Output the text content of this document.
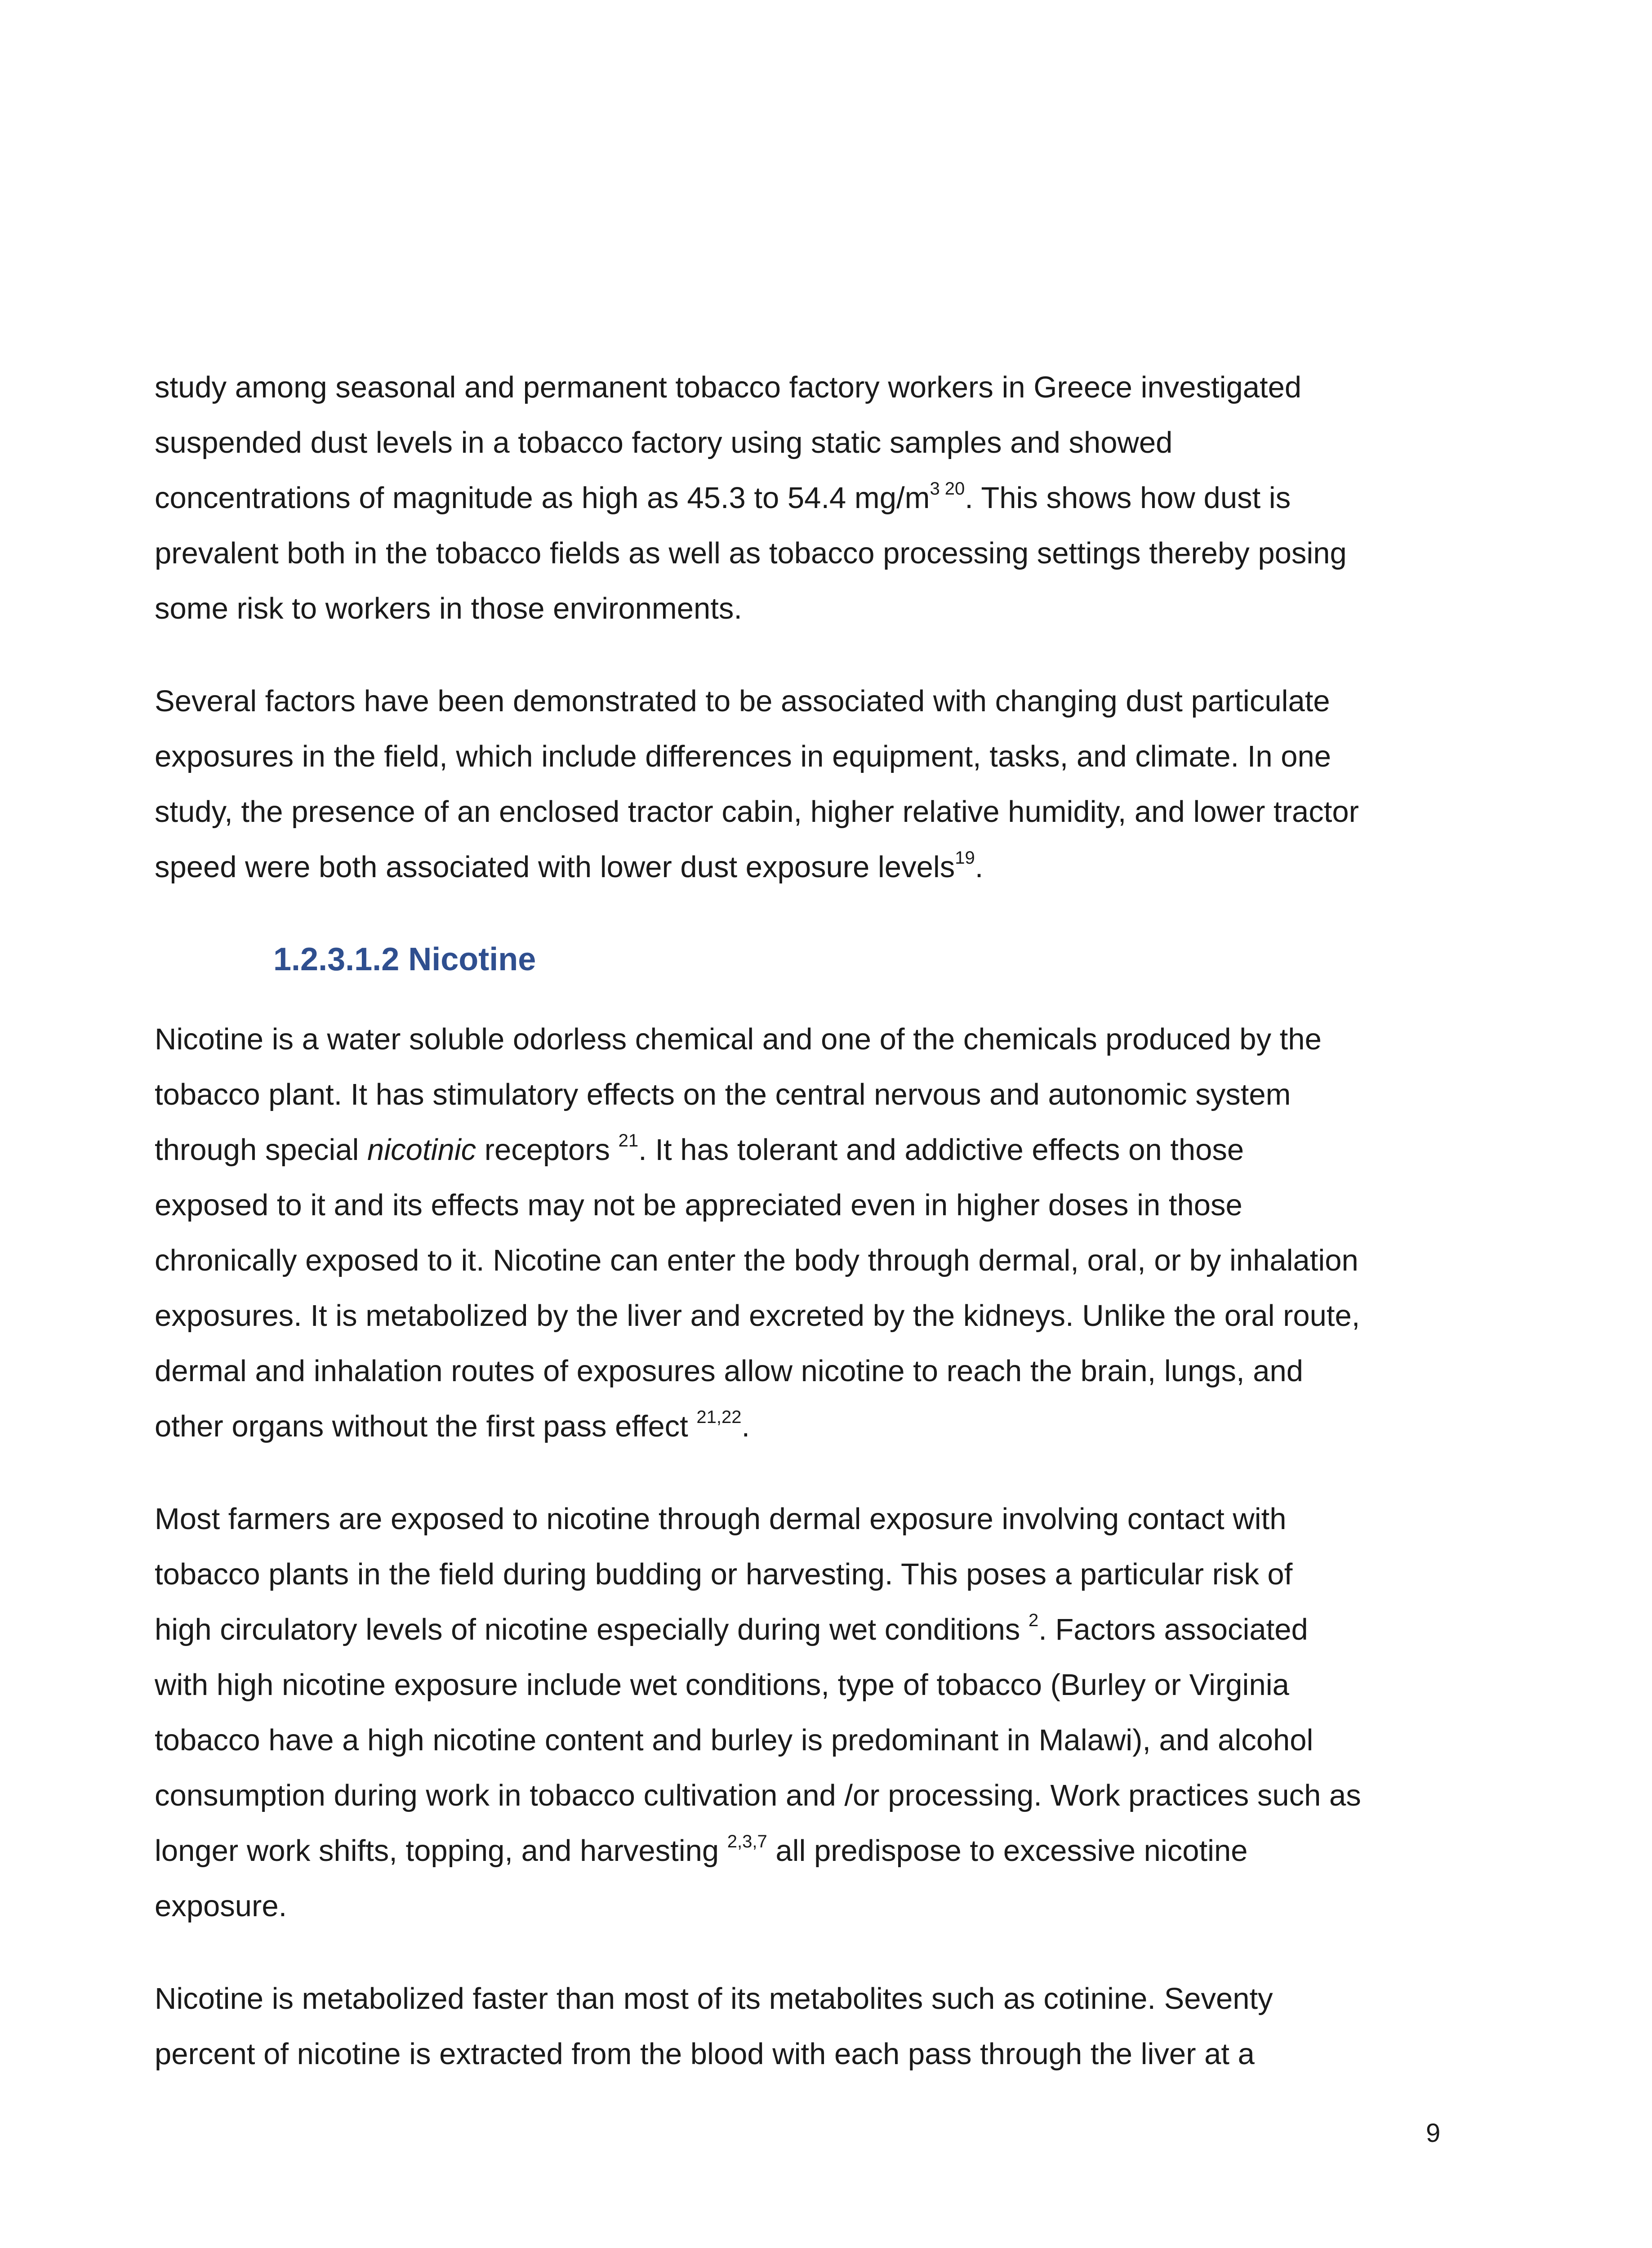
study among seasonal and permanent tobacco factory workers in Greece investigated
suspended dust levels in a tobacco factory using static samples and showed
concentrations of magnitude as high as 45.3 to 54.4 $mg/m^{3 20}$. This shows how dust is
prevalent both in the tobacco fields as well as tobacco processing settings thereby posing
some risk to workers in those environments.

Several factors have been demonstrated to be associated with changing dust particulate
exposures in the field, which include differences in equipment, tasks, and climate. In one
study, the presence of an enclosed tractor cabin, higher relative humidity, and lower tractor
speed were both associated with lower dust exposure levels$^{19}$.

1.2.3.1.2 Nicotine

Nicotine is a water soluble odorless chemical and one of the chemicals produced by the
tobacco plant. It has stimulatory effects on the central nervous and autonomic system
through special nicotinic receptors $^{21}$. It has tolerant and addictive effects on those
exposed to it and its effects may not be appreciated even in higher doses in those
chronically exposed to it. Nicotine can enter the body through dermal, oral, or by inhalation
exposures. It is metabolized by the liver and excreted by the kidneys. Unlike the oral route,
dermal and inhalation routes of exposures allow nicotine to reach the brain, lungs, and
other organs without the first pass effect $^{21,22}$.

Most farmers are exposed to nicotine through dermal exposure involving contact with
tobacco plants in the field during budding or harvesting. This poses a particular risk of
high circulatory levels of nicotine especially during wet conditions $^2$. Factors associated
with high nicotine exposure include wet conditions, type of tobacco (Burley or Virginia
tobacco have a high nicotine content and burley is predominant in Malawi), and alcohol
consumption during work in tobacco cultivation and /or processing. Work practices such as
longer work shifts, topping, and harvesting $^{2,3,7}$ all predispose to excessive nicotine
exposure.

Nicotine is metabolized faster than most of its metabolites such as cotinine. Seventy
percent of nicotine is extracted from the blood with each pass through the liver at a

9
